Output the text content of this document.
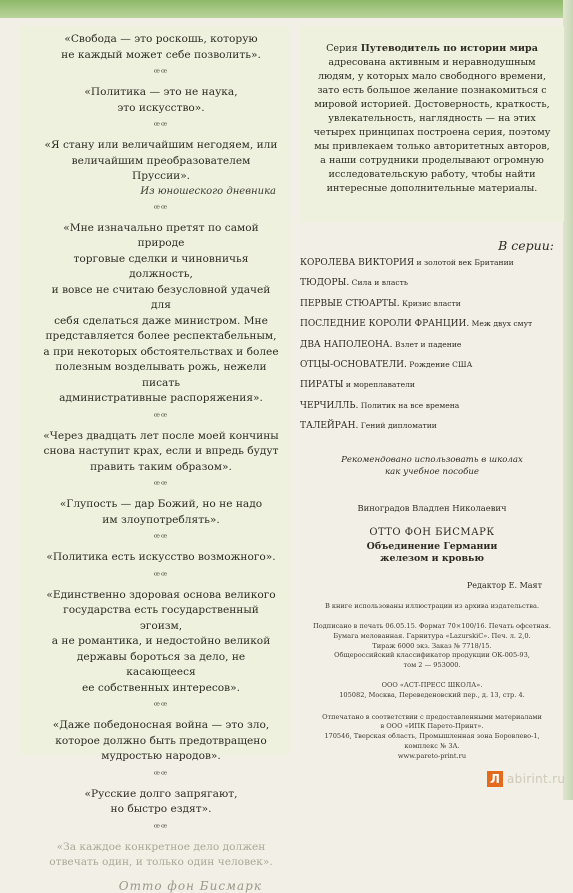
«Свобода — это роскошь, которую
не каждый может себе позволить».
ꟹꟹ
«Политика — это не наука,
это искусство».
ꟹꟹ
«Я стану или величайшим негодяем, или
величайшим преобразователем Пруссии».
Из юношеского дневника
ꟹꟹ
«Мне изначально претят по самой природе
торговые сделки и чиновничья должность,
и вовсе не считаю безусловной удачей для
себя сделаться даже министром. Мне
представляется более респектабельным,
а при некоторых обстоятельствах и более
полезным возделывать рожь, нежели писать
административные распоряжения».
ꟹꟹ
«Через двадцать лет после моей кончины
снова наступит крах, если и впредь будут
править таким образом».
ꟹꟹ
«Глупость — дар Божий, но не надо
им злоупотреблять».
ꟹꟹ
«Политика есть искусство возможного».
ꟹꟹ
«Единственно здоровая основа великого
государства есть государственный эгоизм,
а не романтика, и недостойно великой
державы бороться за дело, не касающееся
ее собственных интересов».
ꟹꟹ
«Даже победоносная война — это зло,
которое должно быть предотвращено
мудростью народов».
ꟹꟹ
«Русские долго запрягают,
но быстро ездят».
ꟹꟹ
«За каждое конкретное дело должен
отвечать один, и только один человек».
Отто фон Бисмарк
Серия Путеводитель по истории мира адресована активным и неравнодушным людям, у которых мало свободного времени, зато есть большое желание познакомиться с мировой историей. Достоверность, краткость, увлекательность, наглядность — на этих четырех принципах построена серия, поэтому мы привлекаем только авторитетных авторов, а наши сотрудники проделывают огромную исследовательскую работу, чтобы найти интересные дополнительные материалы.
В серии:
КОРОЛЕВА ВИКТОРИЯ и золотой век Британии
ТЮДОРЫ. Сила и власть
ПЕРВЫЕ СТЮАРТЫ. Кризис власти
ПОСЛЕДНИЕ КОРОЛИ ФРАНЦИИ. Меж двух смут
ДВА НАПОЛЕОНА. Взлет и падение
ОТЦЫ-ОСНОВАТЕЛИ. Рождение США
ПИРАТЫ и мореплаватели
ЧЕРЧИЛЛЬ. Политик на все времена
ТАЛЕЙРАН. Гений дипломатии
Рекомендовано использовать в школах
как учебное пособие
Виноградов Владлен Николаевич
ОТТО ФОН БИСМАРК
Объединение Германии
железом и кровью
Редактор Е. Маят
В книге использованы иллюстрации из архива издательства.
Подписано в печать 06.05.15. Формат 70×100/16. Печать офсетная.
Бумага мелованная. Гарнитура «LazurskiC». Печ. л. 2,0.
Тираж 6000 экз. Заказ № 7718/15.
Общероссийский классификатор продукции ОК-005-93,
том 2 — 953000.
ООО «АСТ-ПРЕСС ШКОЛА».
105082, Москва, Переведеновский пер., д. 13, стр. 4.
Отпечатано в соответствии с предоставленными материалами
в ООО «ИПК Парето-Принт».
170546, Тверская область, Промышленная зона Боровлево-1,
комплекс № 3А.
www.pareto-print.ru
Л abirint.ru
